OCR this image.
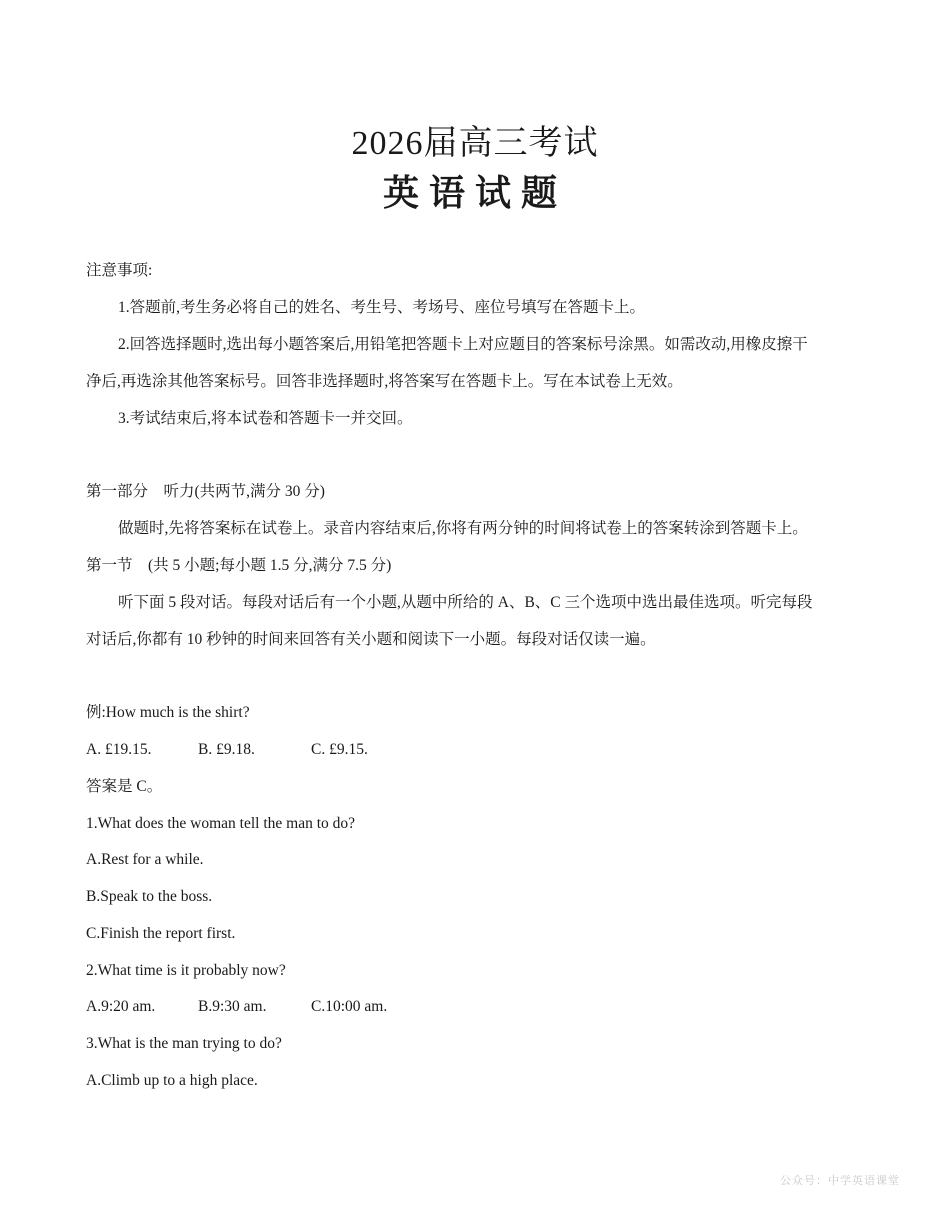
2026届高三考试
英语试题
注意事项:
1.答题前,考生务必将自己的姓名、考生号、考场号、座位号填写在答题卡上。
2.回答选择题时,选出每小题答案后,用铅笔把答题卡上对应题目的答案标号涂黑。如需改动,用橡皮擦干
净后,再选涂其他答案标号。回答非选择题时,将答案写在答题卡上。写在本试卷上无效。
3.考试结束后,将本试卷和答题卡一并交回。
第一部分　听力(共两节,满分 30 分)
做题时,先将答案标在试卷上。录音内容结束后,你将有两分钟的时间将试卷上的答案转涂到答题卡上。
第一节　(共 5 小题;每小题 1.5 分,满分 7.5 分)
听下面 5 段对话。每段对话后有一个小题,从题中所给的 A、B、C 三个选项中选出最佳选项。听完每段
对话后,你都有 10 秒钟的时间来回答有关小题和阅读下一小题。每段对话仅读一遍。
例:How much is the shirt?
A. £19.15.	B. £9.18.	C. £9.15.
答案是 C。
1.What does the woman tell the man to do?
A.Rest for a while.
B.Speak to the boss.
C.Finish the report first.
2.What time is it probably now?
A.9:20 am.	B.9:30 am.	C.10:00 am.
3.What is the man trying to do?
A.Climb up to a high place.
公众号：中学英语课堂
